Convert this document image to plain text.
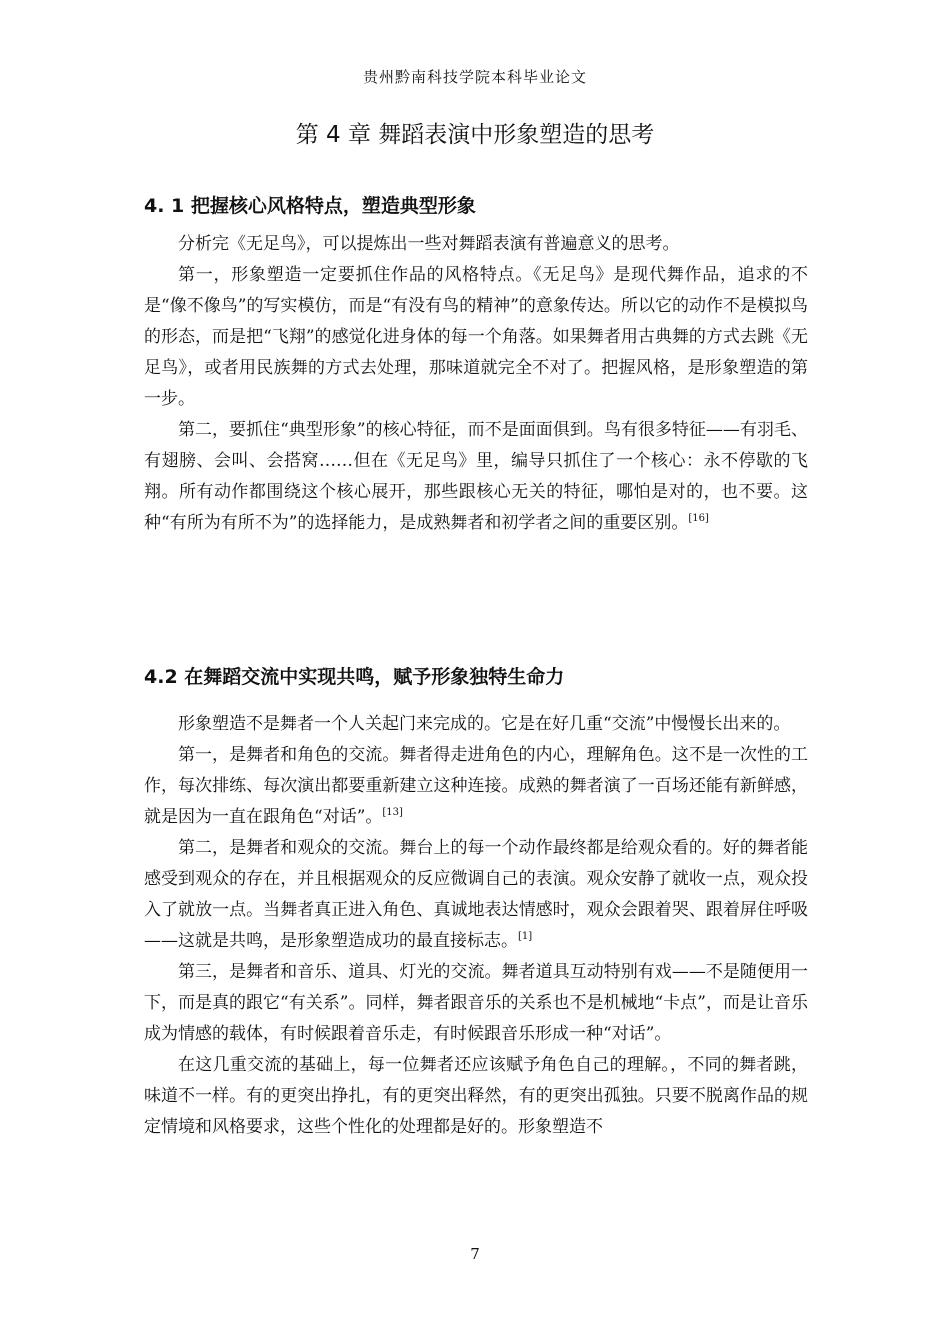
贵州黔南科技学院本科毕业论文
第 4 章 舞蹈表演中形象塑造的思考
4. 1 把握核心风格特点，塑造典型形象

分析完《无足鸟》，可以提炼出一些对舞蹈表演有普遍意义的思考。

第一，形象塑造一定要抓住作品的风格特点。《无足鸟》是现代舞作品，追求的不是“像不像鸟”的写实模仿，而是“有没有鸟的精神”的意象传达。所以它的动作不是模拟鸟的形态，而是把“飞翔”的感觉化进身体的每一个角落。如果舞者用古典舞的方式去跳《无足鸟》，或者用民族舞的方式去处理，那味道就完全不对了。把握风格，是形象塑造的第一步。

第二，要抓住“典型形象”的核心特征，而不是面面俱到。鸟有很多特征——有羽毛、有翅膀、会叫、会搭窝……但在《无足鸟》里，编导只抓住了一个核心：永不停歇的飞翔。所有动作都围绕这个核心展开，那些跟核心无关的特征，哪怕是对的，也不要。这种“有所为有所不为”的选择能力，是成熟舞者和初学者之间的重要区别。[16]

4.2 在舞蹈交流中实现共鸣，赋予形象独特生命力

形象塑造不是舞者一个人关起门来完成的。它是在好几重“交流”中慢慢长出来的。

第一，是舞者和角色的交流。舞者得走进角色的内心，理解角色。这不是一次性的工作，每次排练、每次演出都要重新建立这种连接。成熟的舞者演了一百场还能有新鲜感，就是因为一直在跟角色“对话”。[13]

第二，是舞者和观众的交流。舞台上的每一个动作最终都是给观众看的。好的舞者能感受到观众的存在，并且根据观众的反应微调自己的表演。观众安静了就收一点，观众投入了就放一点。当舞者真正进入角色、真诚地表达情感时，观众会跟着哭、跟着屏住呼吸——这就是共鸣，是形象塑造成功的最直接标志。[1]

第三，是舞者和音乐、道具、灯光的交流。舞者道具互动特别有戏——不是随便用一下，而是真的跟它“有关系”。同样，舞者跟音乐的关系也不是机械地“卡点”，而是让音乐成为情感的载体，有时候跟着音乐走，有时候跟音乐形成一种“对话”。

在这几重交流的基础上，每一位舞者还应该赋予角色自己的理解。，不同的舞者跳，味道不一样。有的更突出挣扎，有的更突出释然，有的更突出孤独。只要不脱离作品的规定情境和风格要求，这些个性化的处理都是好的。形象塑造不

7
